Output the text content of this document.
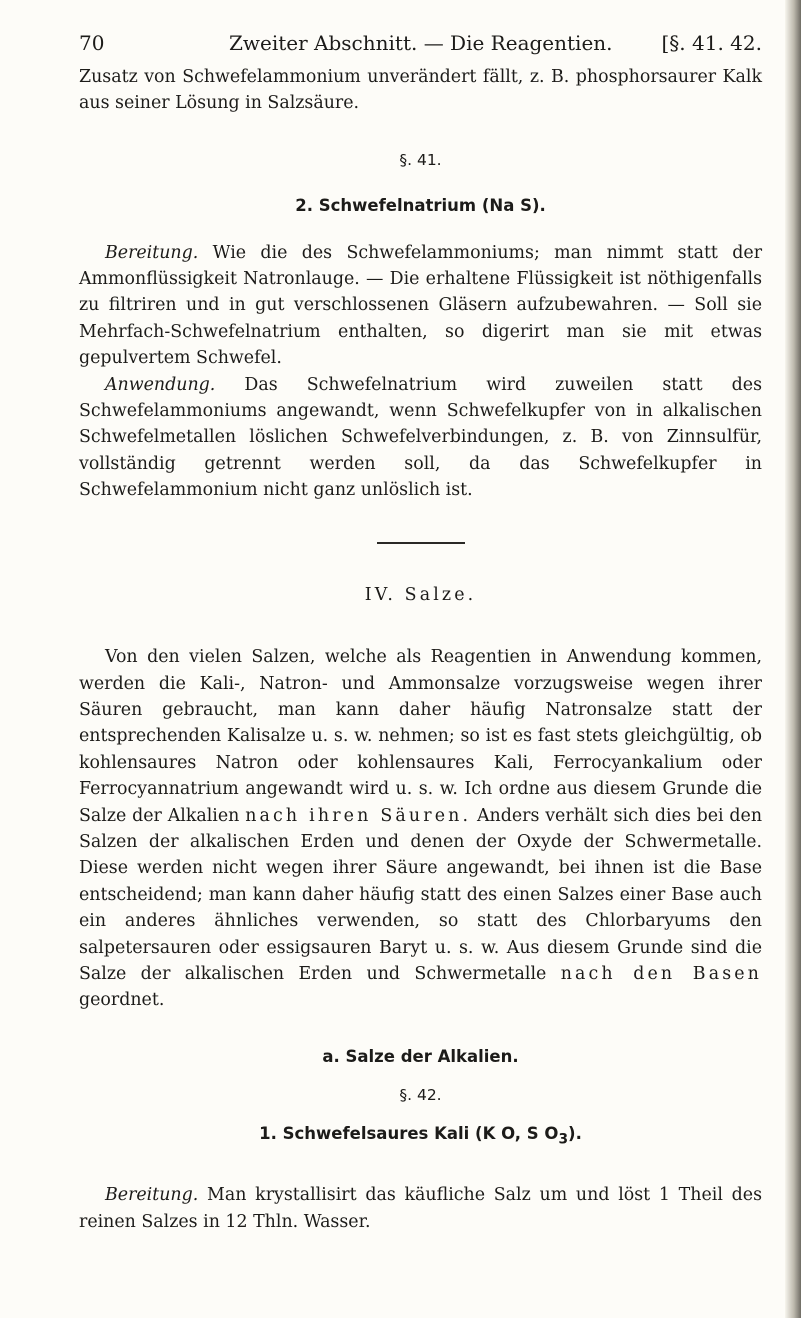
70	Zweiter Abschnitt. — Die Reagentien. [§. 41. 42.

Zusatz von Schwefelammonium unverändert fällt, z. B. phosphorsaurer Kalk aus seiner Lösung in Salzsäure.

§. 41.

2. Schwefelnatrium (Na S).

Bereitung. Wie die des Schwefelammoniums; man nimmt statt der Ammonflüssigkeit Natronlauge. — Die erhaltene Flüssigkeit ist nöthigenfalls zu filtriren und in gut verschlossenen Gläsern aufzubewahren. — Soll sie Mehrfach-Schwefelnatrium enthalten, so digerirt man sie mit etwas gepulvertem Schwefel.

Anwendung. Das Schwefelnatrium wird zuweilen statt des Schwefelammoniums angewandt, wenn Schwefelkupfer von in alkalischen Schwefelmetallen löslichen Schwefelverbindungen, z. B. von Zinnsulfür, vollständig getrennt werden soll, da das Schwefelkupfer in Schwefelammonium nicht ganz unlöslich ist.

IV. Salze.

Von den vielen Salzen, welche als Reagentien in Anwendung kommen, werden die Kali-, Natron- und Ammonsalze vorzugsweise wegen ihrer Säuren gebraucht, man kann daher häufig Natronsalze statt der entsprechenden Kalisalze u. s. w. nehmen; so ist es fast stets gleichgültig, ob kohlensaures Natron oder kohlensaures Kali, Ferrocyankalium oder Ferrocyannatrium angewandt wird u. s. w. Ich ordne aus diesem Grunde die Salze der Alkalien nach ihren Säuren. Anders verhält sich dies bei den Salzen der alkalischen Erden und denen der Oxyde der Schwermetalle. Diese werden nicht wegen ihrer Säure angewandt, bei ihnen ist die Base entscheidend; man kann daher häufig statt des einen Salzes einer Base auch ein anderes ähnliches verwenden, so statt des Chlorbaryums den salpetersauren oder essigsauren Baryt u. s. w. Aus diesem Grunde sind die Salze der alkalischen Erden und Schwermetalle nach den Basen geordnet.

a. Salze der Alkalien.

§. 42.

1. Schwefelsaures Kali (K O, S $O_3$).

Bereitung. Man krystallisirt das käufliche Salz um und löst 1 Theil des reinen Salzes in 12 Thln. Wasser.
